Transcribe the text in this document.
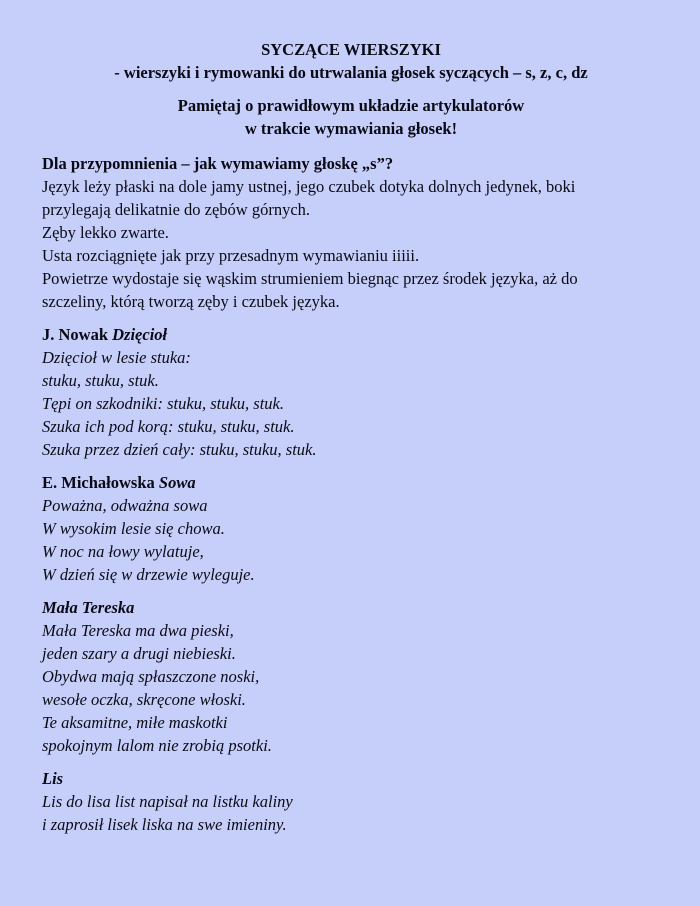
SYCZĄCE WIERSZYKI
- wierszyki i rymowanki do utrwalania głosek syczących – s, z, c, dz
Pamiętaj o prawidłowym układzie artykulatorów
w trakcie wymawiania głosek!
Dla przypomnienia – jak wymawiamy głoskę „s”?
Język leży płaski na dole jamy ustnej, jego czubek dotyka dolnych jedynek, boki
przylegają delikatnie do zębów górnych.
Zęby lekko zwarte.
Usta rozciągnięte jak przy przesadnym wymawianiu iiiii.
Powietrze wydostaje się wąskim strumieniem biegnąc przez środek języka, aż do
szczeliny, którą tworzą zęby i czubek języka.
J. Nowak Dzięcioł
Dzięcioł w lesie stuka:
stuku, stuku, stuk.
Tępi on szkodniki: stuku, stuku, stuk.
Szuka ich pod korą: stuku, stuku, stuk.
Szuka przez dzień cały: stuku, stuku, stuk.
E. Michałowska Sowa
Poważna, odważna sowa
W wysokim lesie się chowa.
W noc na łowy wylatuje,
W dzień się w drzewie wyleguje.
Mała Tereska
Mała Tereska ma dwa pieski,
jeden szary a drugi niebieski.
Obydwa mają spłaszczone noski,
wesołe oczka, skręcone włoski.
Te aksamitne, miłe maskotki
spokojnym lalom nie zrobią psotki.
Lis
Lis do lisa list napisał na listku kaliny
i zaprosił lisek liska na swe imieniny.
